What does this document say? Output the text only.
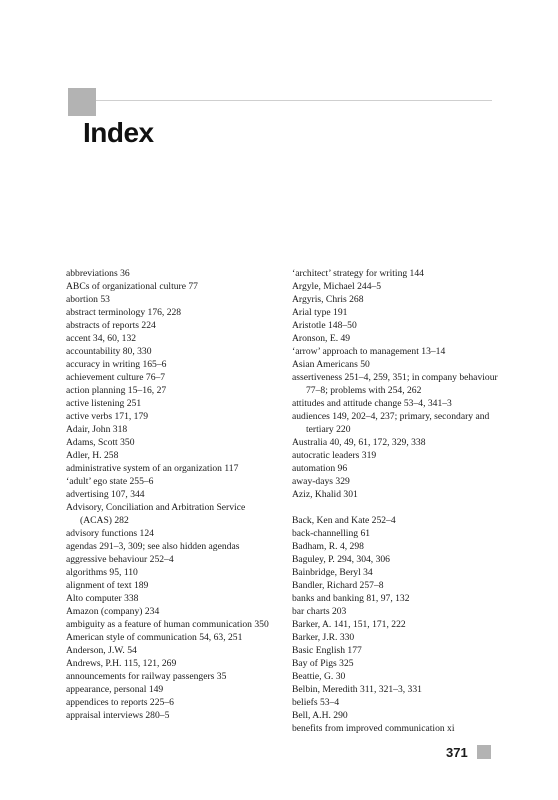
Index

abbreviations 36

ABCs of organizational culture 77

abortion 53

abstract terminology 176, 228

abstracts of reports 224

accent 34, 60, 132

accountability 80, 330

accuracy in writing 165–6

achievement culture 76–7

action planning 15–16, 27

active listening 251

active verbs 171, 179

Adair, John 318

Adams, Scott 350

Adler, H. 258

administrative system of an organization 117

‘adult’ ego state 255–6

advertising 107, 344

Advisory, Conciliation and Arbitration Service (ACAS) 282

advisory functions 124

agendas 291–3, 309; see also hidden agendas

aggressive behaviour 252–4

algorithms 95, 110

alignment of text 189

Alto computer 338

Amazon (company) 234

ambiguity as a feature of human communication 350

American style of communication 54, 63, 251

Anderson, J.W. 54

Andrews, P.H. 115, 121, 269

announcements for railway passengers 35

appearance, personal 149

appendices to reports 225–6

appraisal interviews 280–5

‘architect’ strategy for writing 144

Argyle, Michael 244–5

Argyris, Chris 268

Arial type 191

Aristotle 148–50

Aronson, E. 49

‘arrow’ approach to management 13–14

Asian Americans 50

assertiveness 251–4, 259, 351; in company behaviour 77–8; problems with 254, 262

attitudes and attitude change 53–4, 341–3

audiences 149, 202–4, 237; primary, secondary and tertiary 220

Australia 40, 49, 61, 172, 329, 338

autocratic leaders 319

automation 96

away-days 329

Aziz, Khalid 301

Back, Ken and Kate 252–4

back-channelling 61

Badham, R. 4, 298

Baguley, P. 294, 304, 306

Bainbridge, Beryl 34

Bandler, Richard 257–8

banks and banking 81, 97, 132

bar charts 203

Barker, A. 141, 151, 171, 222

Barker, J.R. 330

Basic English 177

Bay of Pigs 325

Beattie, G. 30

Belbin, Meredith 311, 321–3, 331

beliefs 53–4

Bell, A.H. 290

benefits from improved communication xi

371
